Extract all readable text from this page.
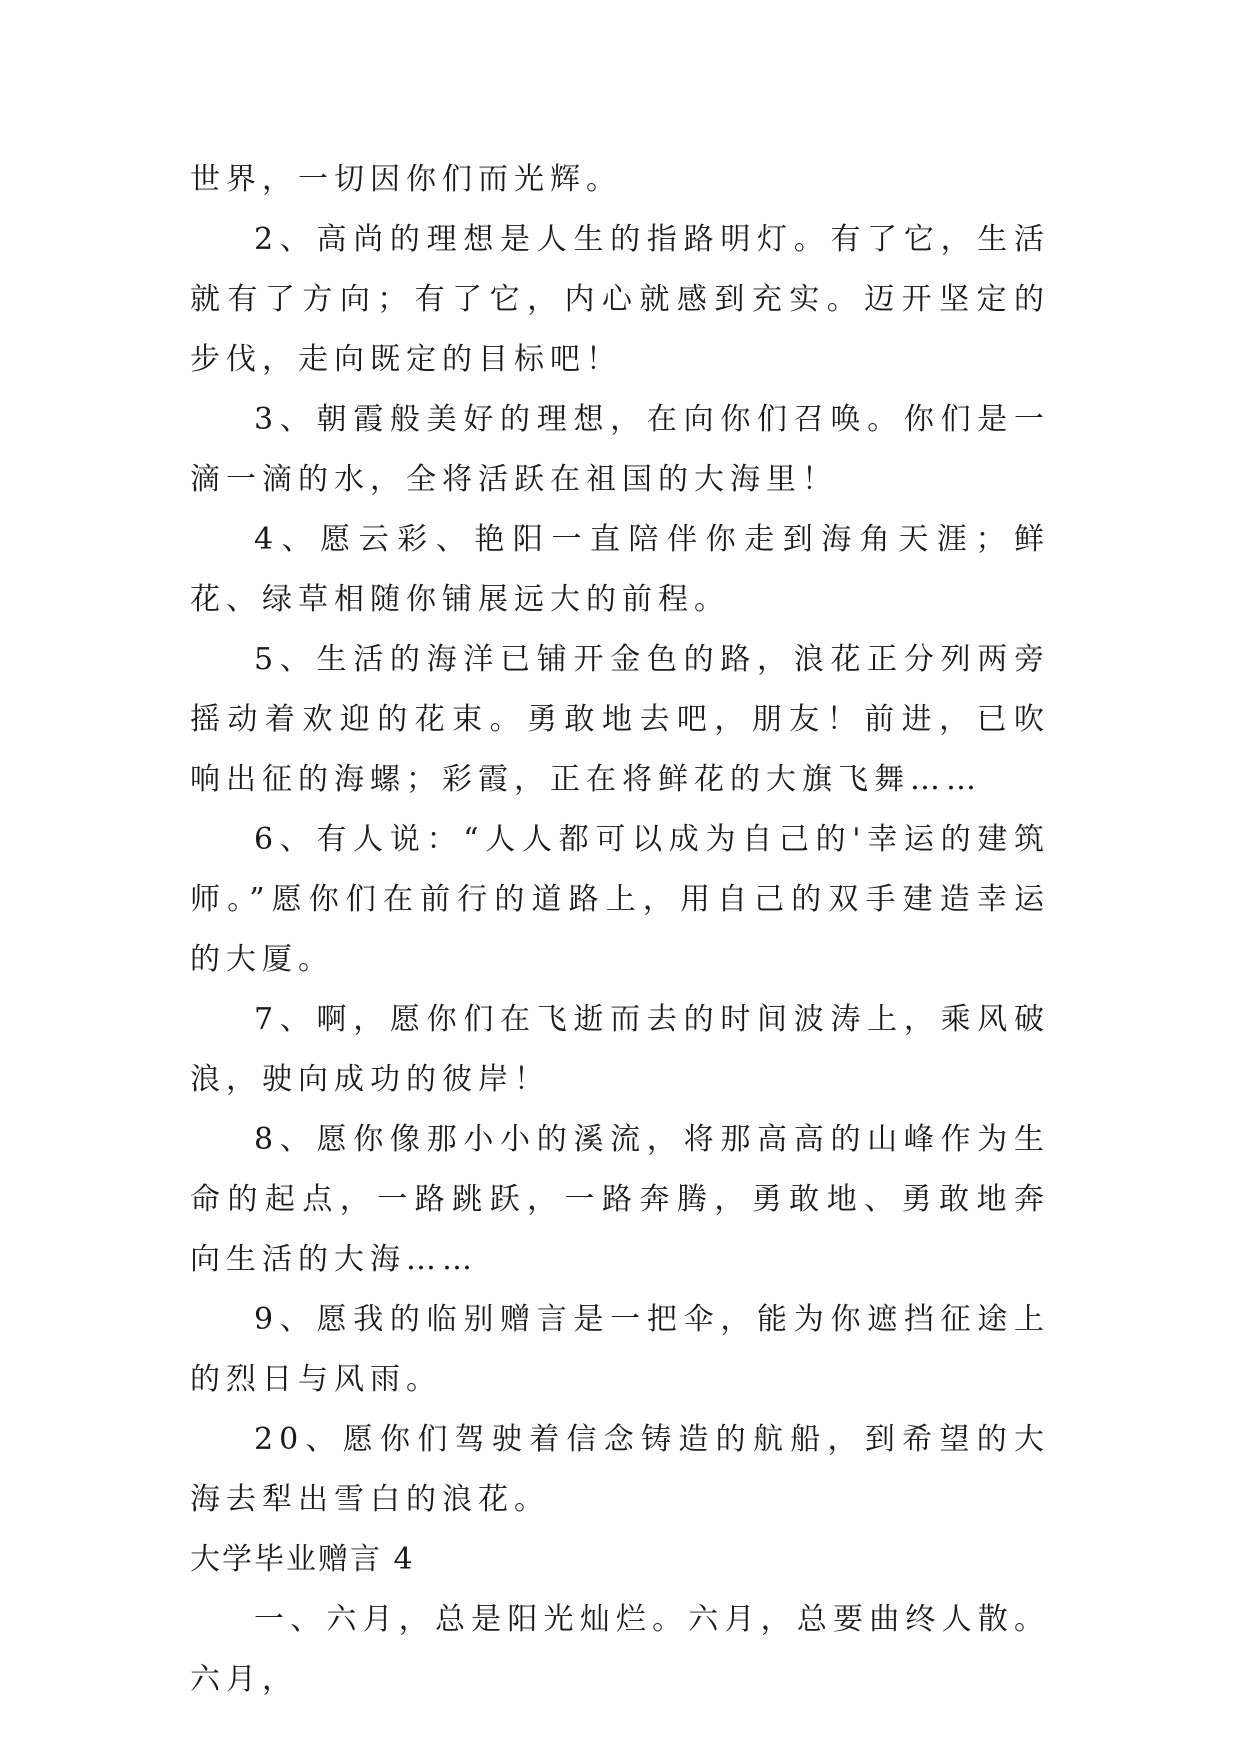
世界，一切因你们而光辉。

2、高尚的理想是人生的指路明灯。有了它，生活就有了方向；有了它，内心就感到充实。迈开坚定的步伐，走向既定的目标吧！

3、朝霞般美好的理想，在向你们召唤。你们是一滴一滴的水，全将活跃在祖国的大海里！

4、愿云彩、艳阳一直陪伴你走到海角天涯；鲜花、绿草相随你铺展远大的前程。

5、生活的海洋已铺开金色的路，浪花正分列两旁摇动着欢迎的花束。勇敢地去吧，朋友！前进，已吹响出征的海螺；彩霞，正在将鲜花的大旗飞舞……

6、有人说：“人人都可以成为自己的'幸运的建筑师。”愿你们在前行的道路上，用自己的双手建造幸运的大厦。

7、啊，愿你们在飞逝而去的时间波涛上，乘风破浪，驶向成功的彼岸！

8、愿你像那小小的溪流，将那高高的山峰作为生命的起点，一路跳跃，一路奔腾，勇敢地、勇敢地奔向生活的大海……

9、愿我的临别赠言是一把伞，能为你遮挡征途上的烈日与风雨。

20、愿你们驾驶着信念铸造的航船，到希望的大海去犁出雪白的浪花。

大学毕业赠言 4

一、六月，总是阳光灿烂。六月，总要曲终人散。六月，
